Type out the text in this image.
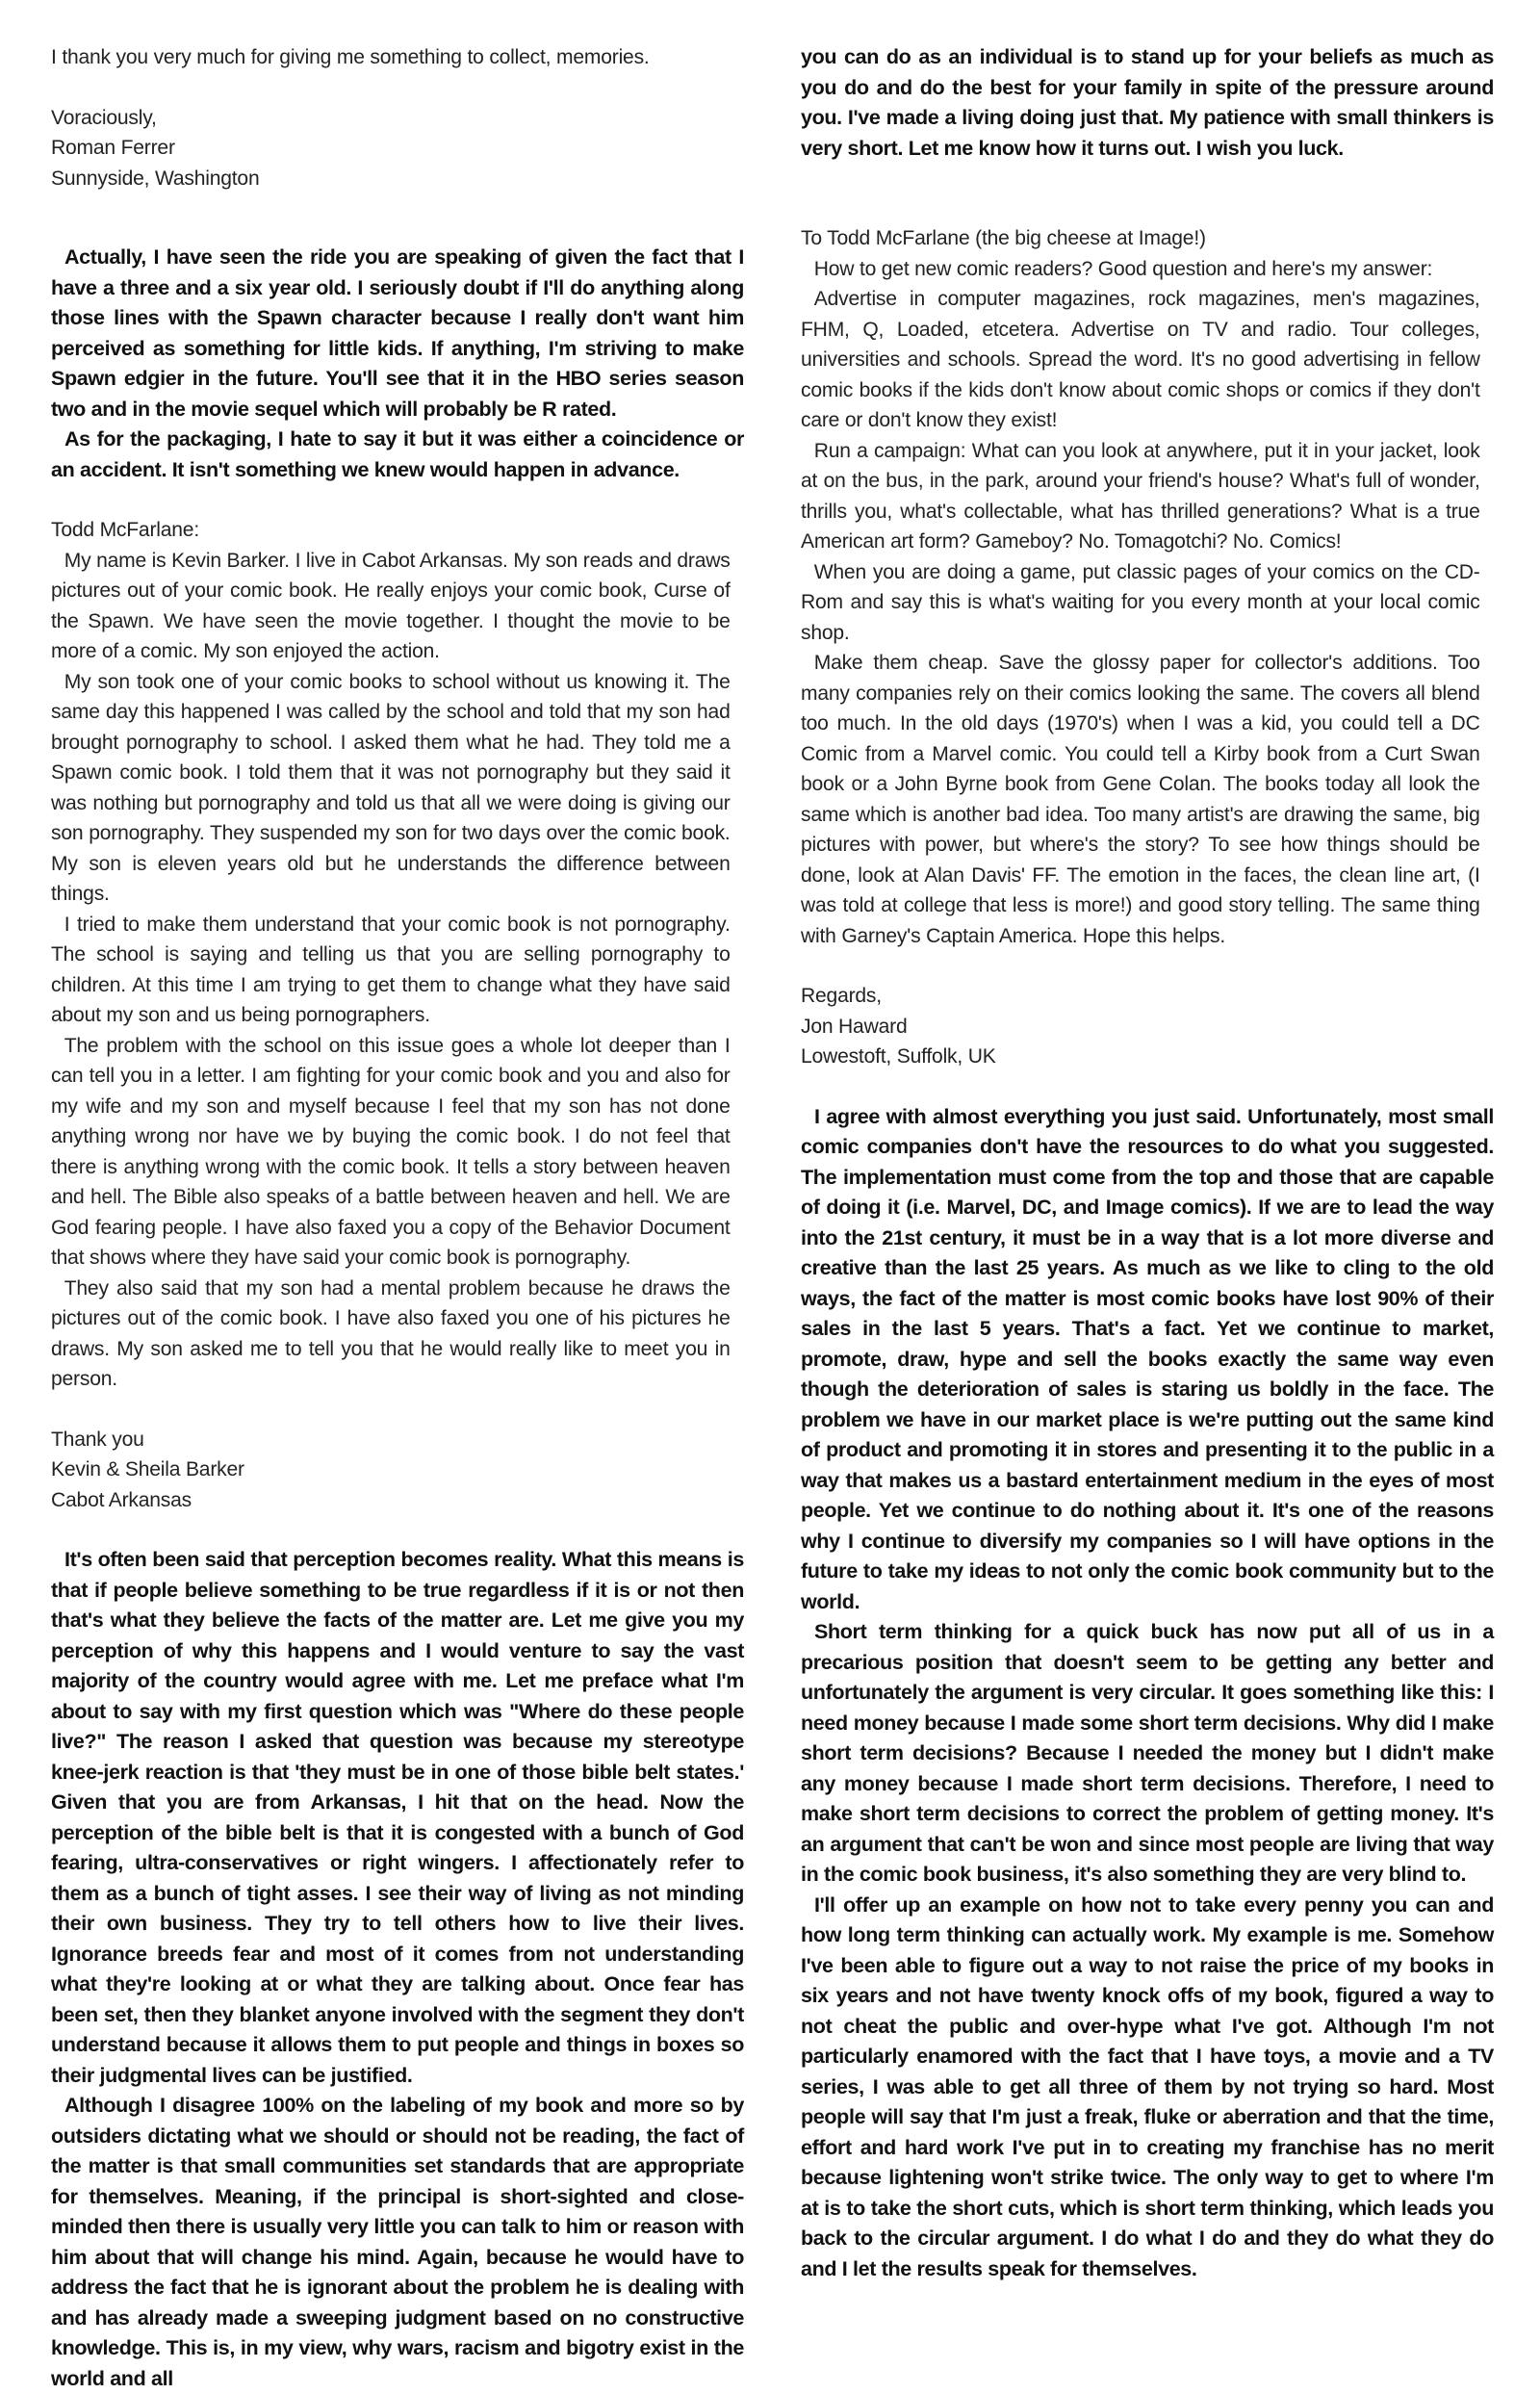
I thank you very much for giving me something to collect, memories.

Voraciously,
Roman Ferrer
Sunnyside, Washington

Actually, I have seen the ride you are speaking of given the fact that I have a three and a six year old. I seriously doubt if I'll do anything along those lines with the Spawn character because I really don't want him perceived as something for little kids. If anything, I'm striving to make Spawn edgier in the future. You'll see that it in the HBO series season two and in the movie sequel which will probably be R rated.

As for the packaging, I hate to say it but it was either a coincidence or an accident. It isn't something we knew would happen in advance.

Todd McFarlane:

My name is Kevin Barker. I live in Cabot Arkansas. My son reads and draws pictures out of your comic book. He really enjoys your comic book, Curse of the Spawn. We have seen the movie together. I thought the movie to be more of a comic. My son enjoyed the action.

My son took one of your comic books to school without us knowing it. The same day this happened I was called by the school and told that my son had brought pornography to school. I asked them what he had. They told me a Spawn comic book. I told them that it was not pornography but they said it was nothing but pornography and told us that all we were doing is giving our son pornography. They suspended my son for two days over the comic book. My son is eleven years old but he understands the difference between things.

I tried to make them understand that your comic book is not pornography. The school is saying and telling us that you are selling pornography to children. At this time I am trying to get them to change what they have said about my son and us being pornographers.

The problem with the school on this issue goes a whole lot deeper than I can tell you in a letter. I am fighting for your comic book and you and also for my wife and my son and myself because I feel that my son has not done anything wrong nor have we by buying the comic book. I do not feel that there is anything wrong with the comic book. It tells a story between heaven and hell. The Bible also speaks of a battle between heaven and hell. We are God fearing people. I have also faxed you a copy of the Behavior Document that shows where they have said your comic book is pornography.

They also said that my son had a mental problem because he draws the pictures out of the comic book. I have also faxed you one of his pictures he draws. My son asked me to tell you that he would really like to meet you in person.

Thank you
Kevin & Sheila Barker
Cabot Arkansas

It's often been said that perception becomes reality. What this means is that if people believe something to be true regardless if it is or not then that's what they believe the facts of the matter are. Let me give you my perception of why this happens and I would venture to say the vast majority of the country would agree with me. Let me preface what I'm about to say with my first question which was "Where do these people live?" The reason I asked that question was because my stereotype knee-jerk reaction is that 'they must be in one of those bible belt states.' Given that you are from Arkansas, I hit that on the head. Now the perception of the bible belt is that it is congested with a bunch of God fearing, ultra-conservatives or right wingers. I affectionately refer to them as a bunch of tight asses. I see their way of living as not minding their own business. They try to tell others how to live their lives. Ignorance breeds fear and most of it comes from not understanding what they're looking at or what they are talking about. Once fear has been set, then they blanket anyone involved with the segment they don't understand because it allows them to put people and things in boxes so their judgmental lives can be justified.

Although I disagree 100% on the labeling of my book and more so by outsiders dictating what we should or should not be reading, the fact of the matter is that small communities set standards that are appropriate for themselves. Meaning, if the principal is short-sighted and close-minded then there is usually very little you can talk to him or reason with him about that will change his mind. Again, because he would have to address the fact that he is ignorant about the problem he is dealing with and has already made a sweeping judgment based on no constructive knowledge. This is, in my view, why wars, racism and bigotry exist in the world and all

you can do as an individual is to stand up for your beliefs as much as you do and do the best for your family in spite of the pressure around you. I've made a living doing just that. My patience with small thinkers is very short. Let me know how it turns out. I wish you luck.

To Todd McFarlane (the big cheese at Image!)

How to get new comic readers? Good question and here's my answer:

Advertise in computer magazines, rock magazines, men's magazines, FHM, Q, Loaded, etcetera. Advertise on TV and radio. Tour colleges, universities and schools. Spread the word. It's no good advertising in fellow comic books if the kids don't know about comic shops or comics if they don't care or don't know they exist!

Run a campaign: What can you look at anywhere, put it in your jacket, look at on the bus, in the park, around your friend's house? What's full of wonder, thrills you, what's collectable, what has thrilled generations? What is a true American art form? Gameboy? No. Tomagotchi? No. Comics!

When you are doing a game, put classic pages of your comics on the CD-Rom and say this is what's waiting for you every month at your local comic shop.

Make them cheap. Save the glossy paper for collector's additions. Too many companies rely on their comics looking the same. The covers all blend too much. In the old days (1970's) when I was a kid, you could tell a DC Comic from a Marvel comic. You could tell a Kirby book from a Curt Swan book or a John Byrne book from Gene Colan. The books today all look the same which is another bad idea. Too many artist's are drawing the same, big pictures with power, but where's the story? To see how things should be done, look at Alan Davis' FF. The emotion in the faces, the clean line art, (I was told at college that less is more!) and good story telling. The same thing with Garney's Captain America. Hope this helps.

Regards,
Jon Haward
Lowestoft, Suffolk, UK

I agree with almost everything you just said. Unfortunately, most small comic companies don't have the resources to do what you suggested. The implementation must come from the top and those that are capable of doing it (i.e. Marvel, DC, and Image comics). If we are to lead the way into the 21st century, it must be in a way that is a lot more diverse and creative than the last 25 years. As much as we like to cling to the old ways, the fact of the matter is most comic books have lost 90% of their sales in the last 5 years. That's a fact. Yet we continue to market, promote, draw, hype and sell the books exactly the same way even though the deterioration of sales is staring us boldly in the face. The problem we have in our market place is we're putting out the same kind of product and promoting it in stores and presenting it to the public in a way that makes us a bastard entertainment medium in the eyes of most people. Yet we continue to do nothing about it. It's one of the reasons why I continue to diversify my companies so I will have options in the future to take my ideas to not only the comic book community but to the world.

Short term thinking for a quick buck has now put all of us in a precarious position that doesn't seem to be getting any better and unfortunately the argument is very circular. It goes something like this: I need money because I made some short term decisions. Why did I make short term decisions? Because I needed the money but I didn't make any money because I made short term decisions. Therefore, I need to make short term decisions to correct the problem of getting money. It's an argument that can't be won and since most people are living that way in the comic book business, it's also something they are very blind to.

I'll offer up an example on how not to take every penny you can and how long term thinking can actually work. My example is me. Somehow I've been able to figure out a way to not raise the price of my books in six years and not have twenty knock offs of my book, figured a way to not cheat the public and over-hype what I've got. Although I'm not particularly enamored with the fact that I have toys, a movie and a TV series, I was able to get all three of them by not trying so hard. Most people will say that I'm just a freak, fluke or aberration and that the time, effort and hard work I've put in to creating my franchise has no merit because lightening won't strike twice. The only way to get to where I'm at is to take the short cuts, which is short term thinking, which leads you back to the circular argument. I do what I do and they do what they do and I let the results speak for themselves.
